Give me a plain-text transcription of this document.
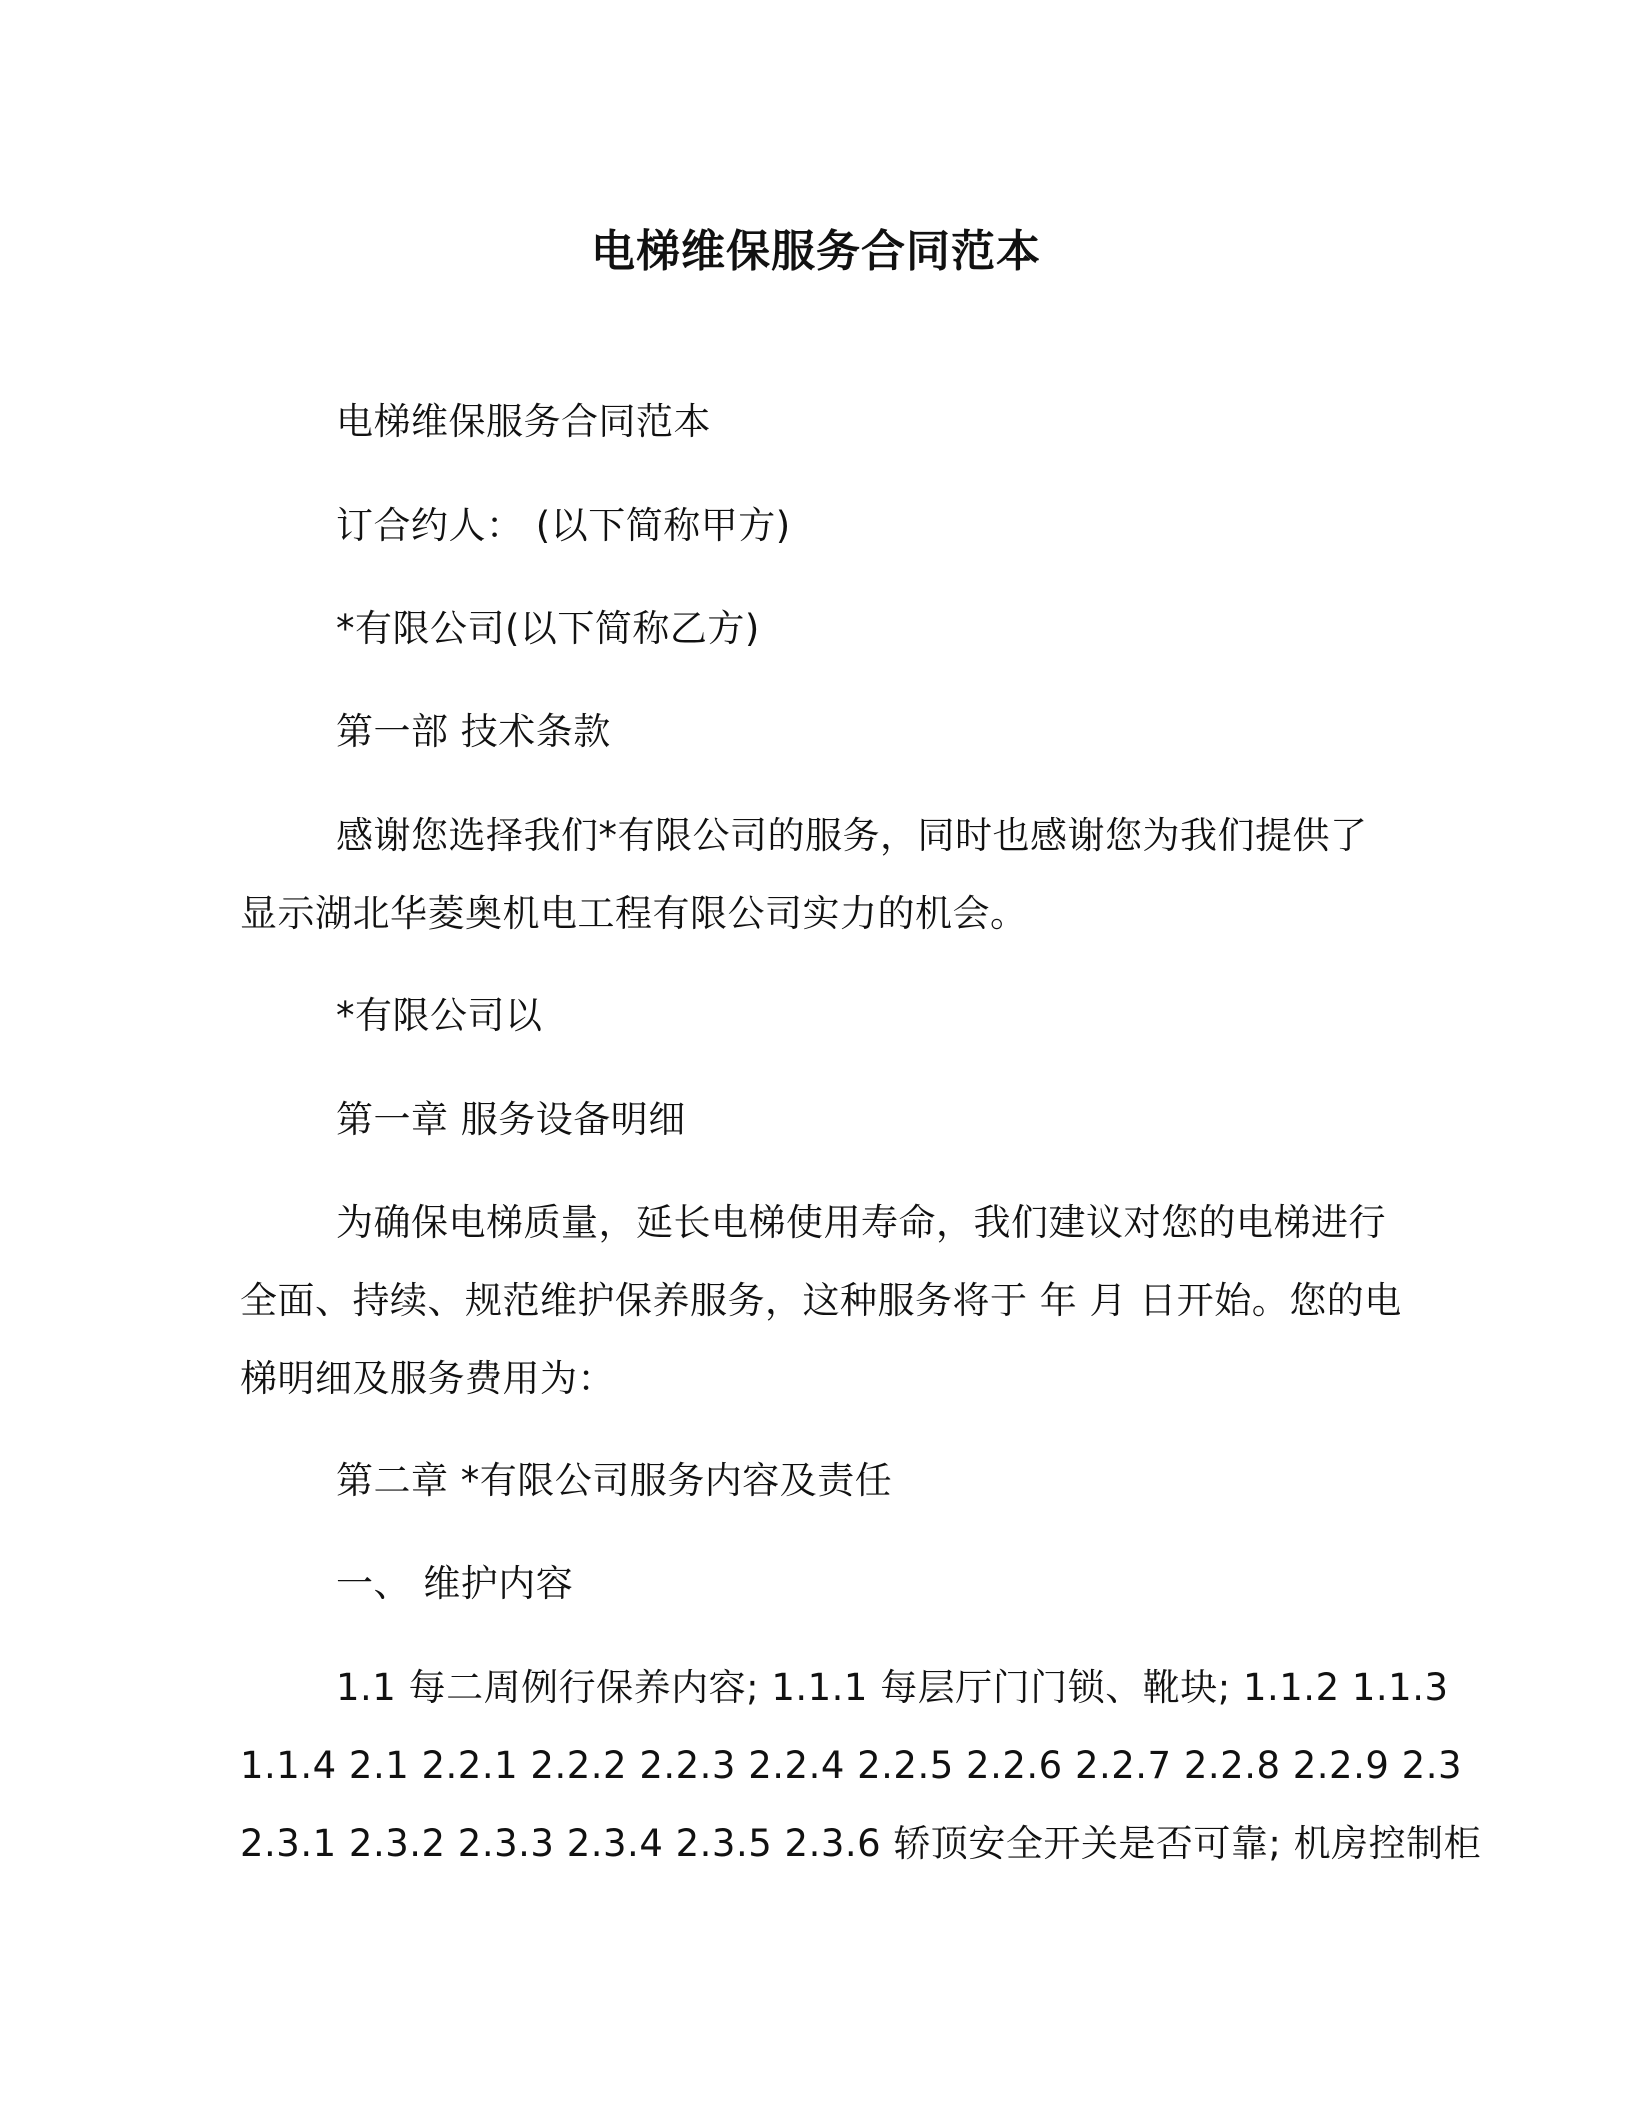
电梯维保服务合同范本
电梯维保服务合同范本
订合约人： (以下简称甲方)
*有限公司(以下简称乙方)
第一部 技术条款
感谢您选择我们*有限公司的服务，同时也感谢您为我们提供了
显示湖北华菱奥机电工程有限公司实力的机会。
*有限公司以
第一章 服务设备明细
为确保电梯质量，延长电梯使用寿命，我们建议对您的电梯进行
全面、持续、规范维护保养服务，这种服务将于 年 月 日开始。您的电
梯明细及服务费用为：
第二章 *有限公司服务内容及责任
一、 维护内容
1.1 每二周例行保养内容; 1.1.1 每层厅门门锁、靴块; 1.1.2 1.1.3
1.1.4 2.1 2.2.1 2.2.2 2.2.3 2.2.4 2.2.5 2.2.6 2.2.7 2.2.8 2.2.9 2.3
2.3.1 2.3.2 2.3.3 2.3.4 2.3.5 2.3.6 轿顶安全开关是否可靠; 机房控制柜
